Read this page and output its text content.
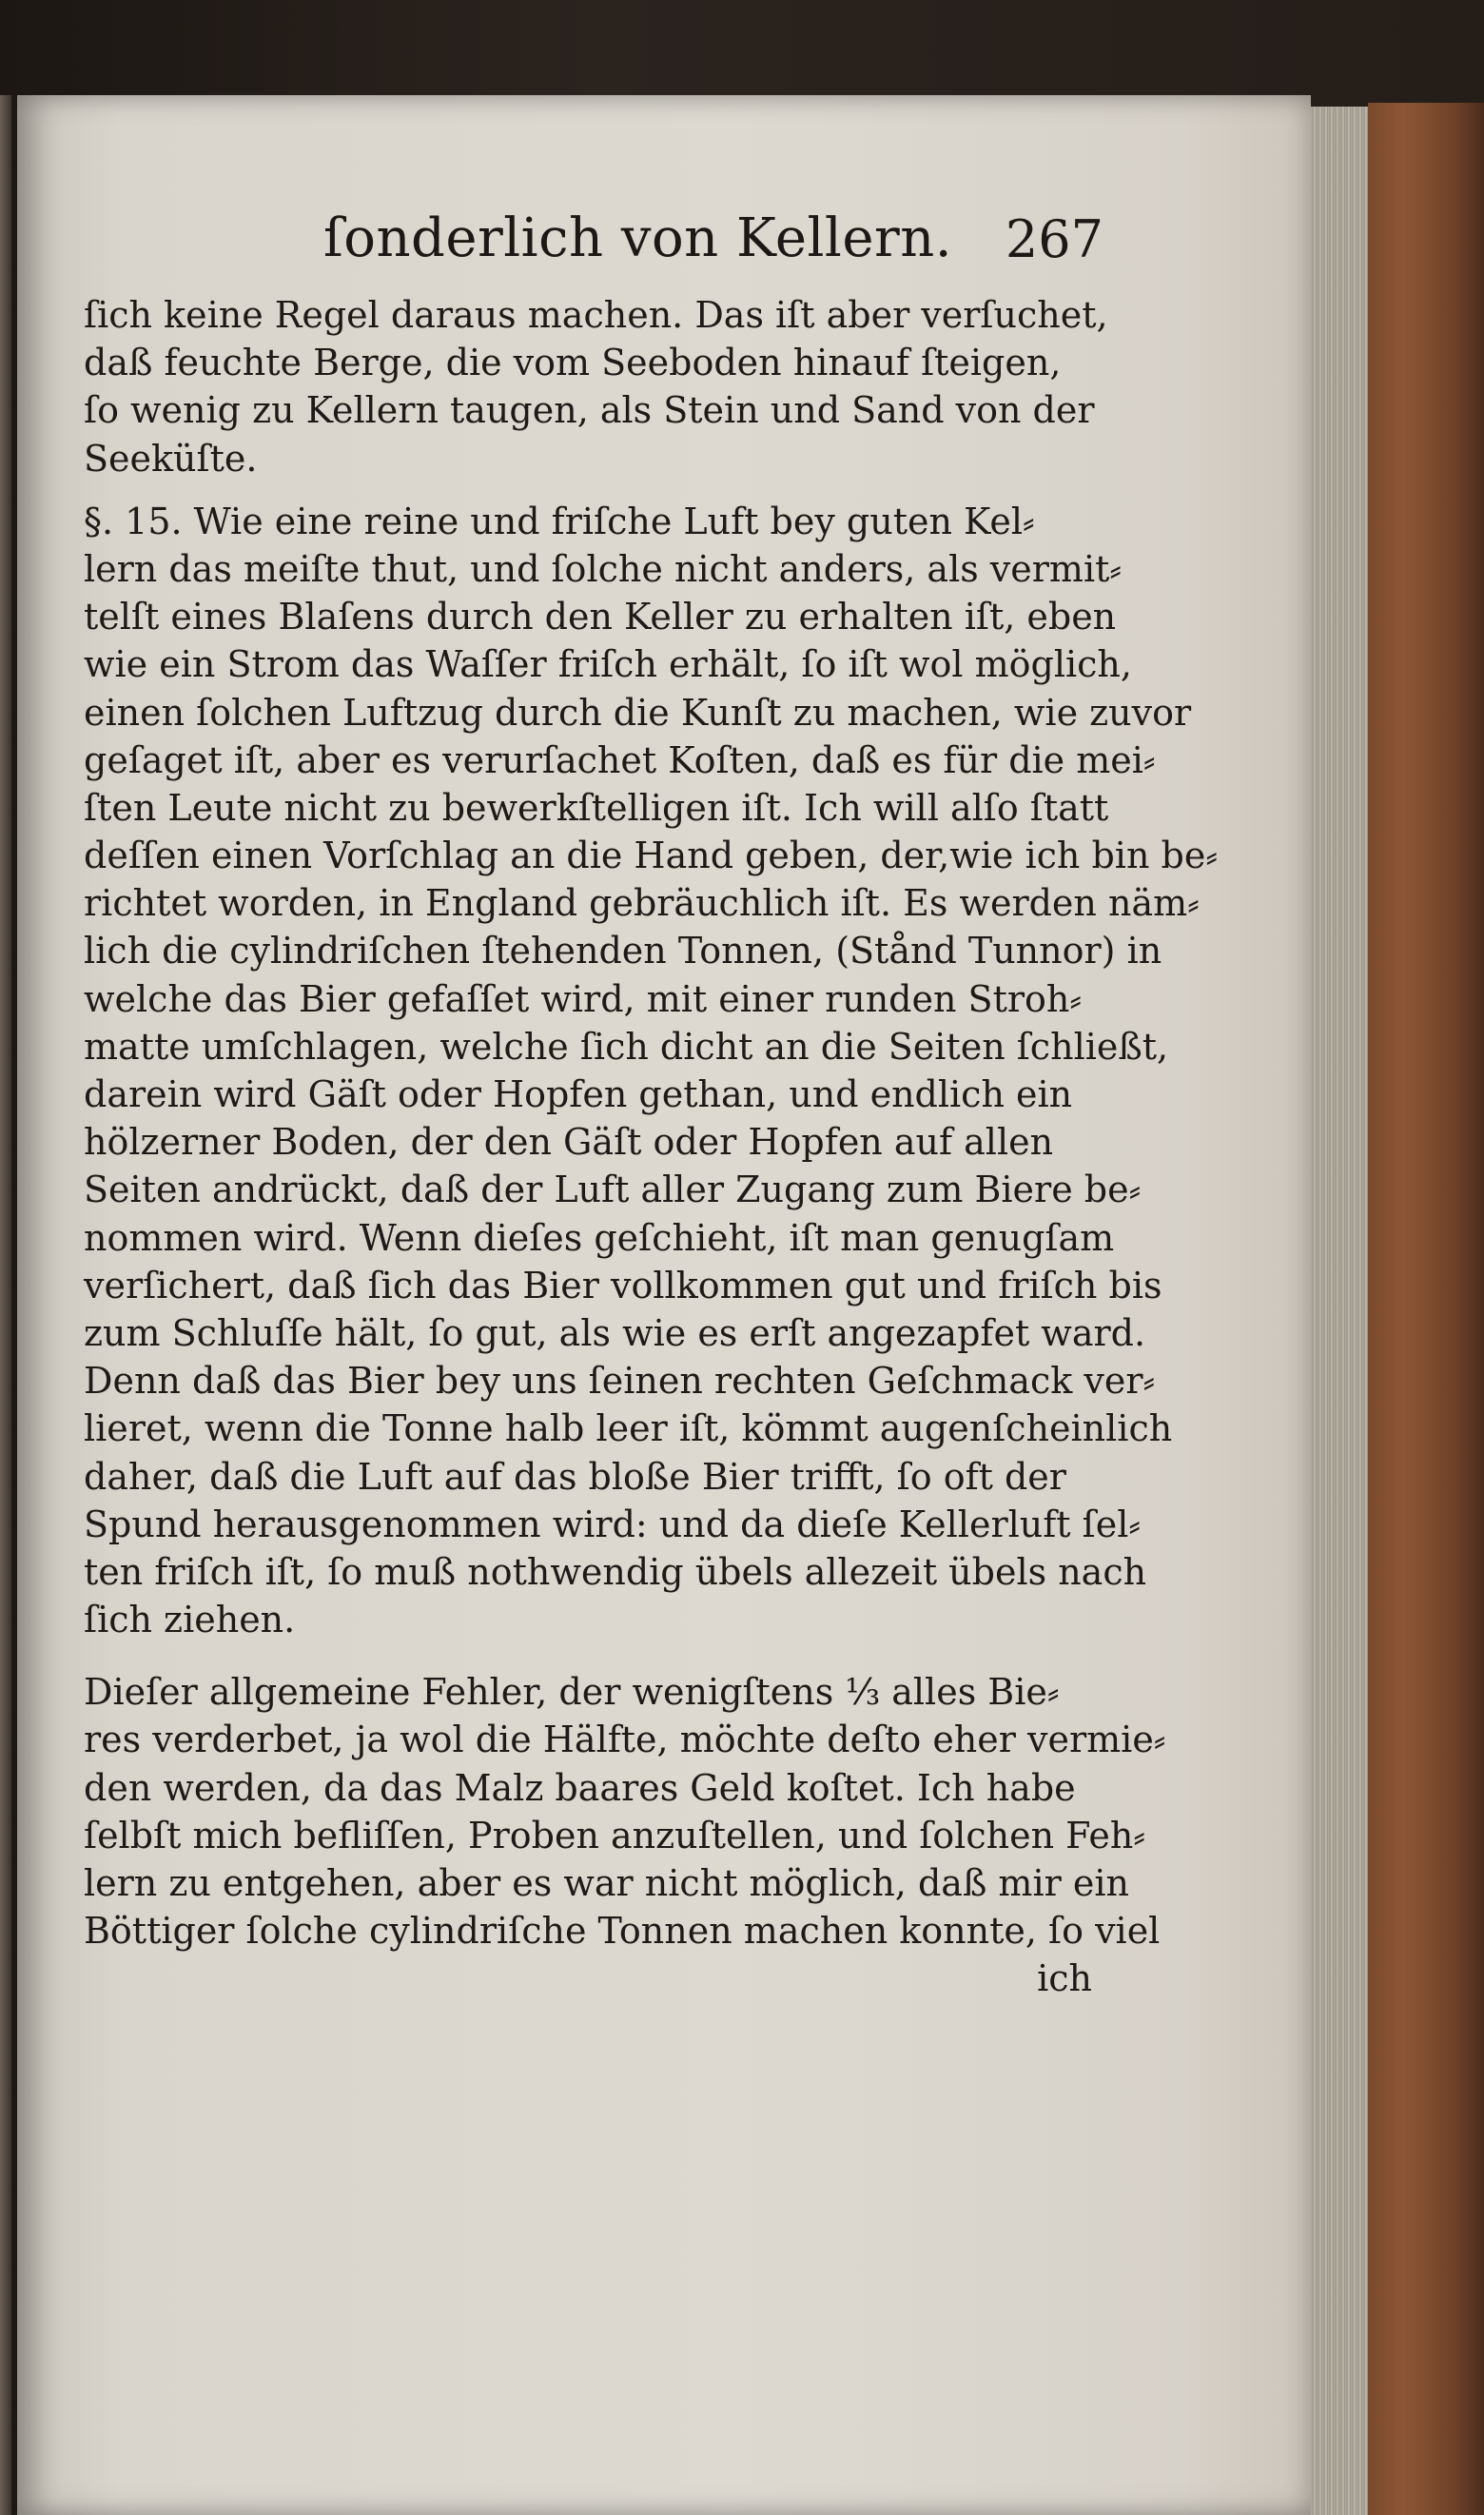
ſonderlich von Kellern. 267
ſich keine Regel daraus machen. Das iſt aber verſuchet,
daß feuchte Berge, die vom Seeboden hinauf ſteigen,
ſo wenig zu Kellern taugen, als Stein und Sand von der
Seeküſte.
§. 15. Wie eine reine und friſche Luft bey guten Kel⸗
lern das meiſte thut, und ſolche nicht anders, als vermit⸗
telſt eines Blaſens durch den Keller zu erhalten iſt, eben
wie ein Strom das Waſſer friſch erhält, ſo iſt wol möglich,
einen ſolchen Luftzug durch die Kunſt zu machen, wie zuvor
geſaget iſt, aber es verurſachet Koſten, daß es für die mei⸗
ſten Leute nicht zu bewerkſtelligen iſt. Ich will alſo ſtatt
deſſen einen Vorſchlag an die Hand geben, der,wie ich bin be⸗
richtet worden, in England gebräuchlich iſt. Es werden näm⸗
lich die cylindriſchen ſtehenden Tonnen, (Stånd Tunnor) in
welche das Bier gefaſſet wird, mit einer runden Stroh⸗
matte umſchlagen, welche ſich dicht an die Seiten ſchließt,
darein wird Gäſt oder Hopfen gethan, und endlich ein
hölzerner Boden, der den Gäſt oder Hopfen auf allen
Seiten andrückt, daß der Luft aller Zugang zum Biere be⸗
nommen wird. Wenn dieſes geſchieht, iſt man genugſam
verſichert, daß ſich das Bier vollkommen gut und friſch bis
zum Schluſſe hält, ſo gut, als wie es erſt angezapfet ward.
Denn daß das Bier bey uns ſeinen rechten Geſchmack ver⸗
lieret, wenn die Tonne halb leer iſt, kömmt augenſcheinlich
daher, daß die Luft auf das bloße Bier trifft, ſo oft der
Spund herausgenommen wird: und da dieſe Kellerluft ſel⸗
ten friſch iſt, ſo muß nothwendig übels allezeit übels nach
ſich ziehen.
Dieſer allgemeine Fehler, der wenigſtens ⅓ alles Bie⸗
res verderbet, ja wol die Hälfte, möchte deſto eher vermie⸗
den werden, da das Malz baares Geld koſtet. Ich habe
ſelbſt mich befliſſen, Proben anzuſtellen, und ſolchen Feh⸗
lern zu entgehen, aber es war nicht möglich, daß mir ein
Böttiger ſolche cylindriſche Tonnen machen konnte, ſo viel
ich
